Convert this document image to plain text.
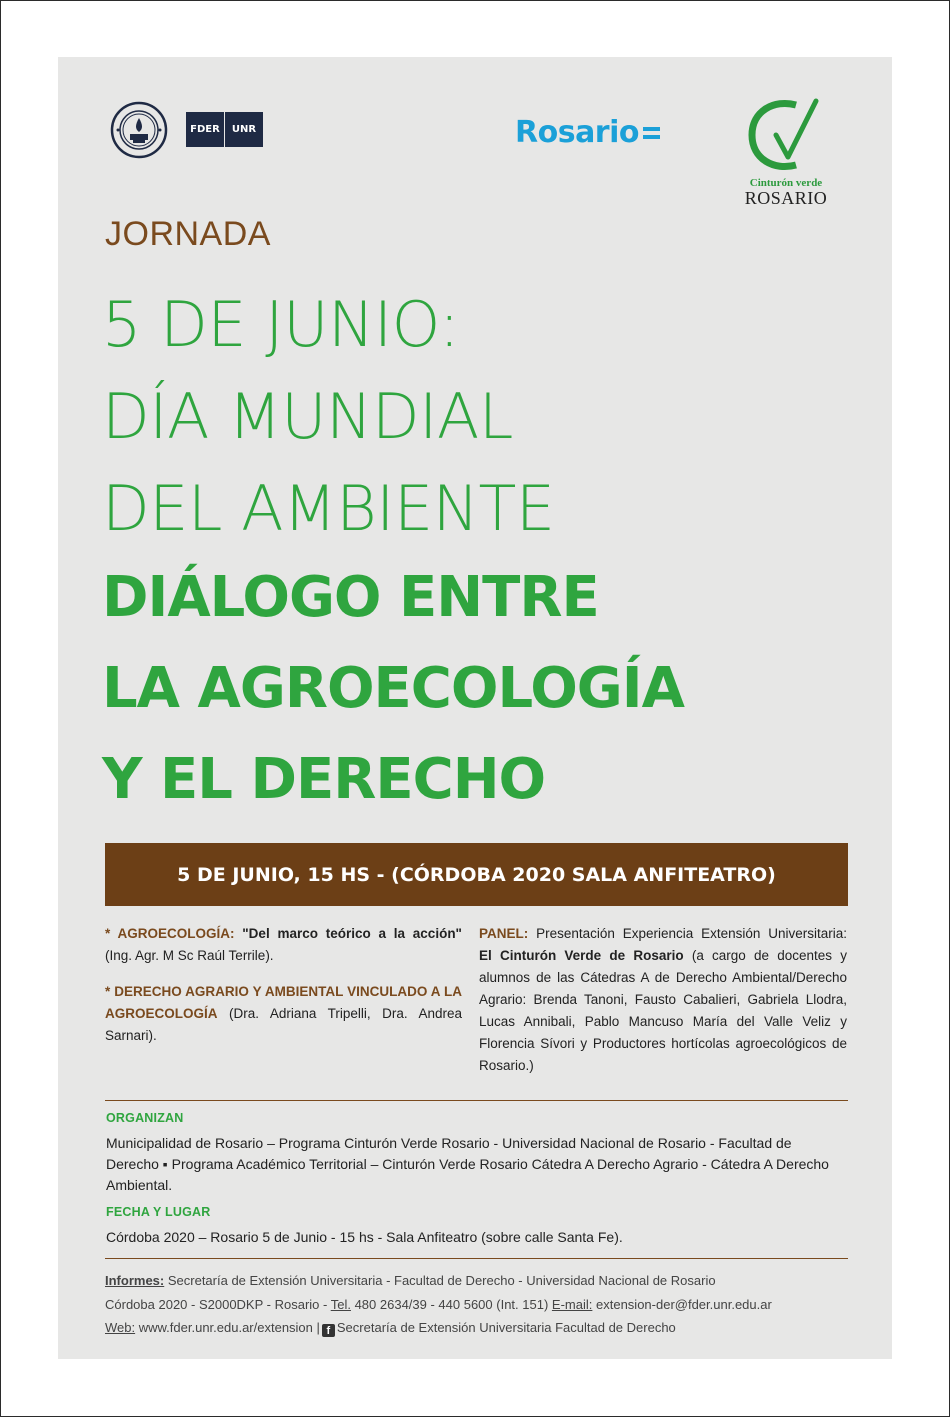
FDER	UNR	Rosario
Cinturón verde
ROSARIO
JORNADA
5 DE JUNIO:
DÍA MUNDIAL
DEL AMBIENTE
DIÁLOGO ENTRE
LA AGROECOLOGÍA
Y EL DERECHO
5 DE JUNIO, 15 HS - (CÓRDOBA 2020 SALA ANFITEATRO)

* AGROECOLOGÍA: "Del marco teórico a la acción" (Ing. Agr. M Sc Raúl Terrile).

* DERECHO AGRARIO Y AMBIENTAL VINCULADO A LA AGROECOLOGÍA (Dra. Adriana Tripelli, Dra. Andrea Sarnari).

PANEL: Presentación Experiencia Extensión Universitaria: El Cinturón Verde de Rosario (a cargo de docentes y alumnos de las Cátedras A de Derecho Ambiental/Derecho Agrario: Brenda Tanoni, Fausto Cabalieri, Gabriela Llodra, Lucas Annibali, Pablo Mancuso María del Valle Veliz y Florencia Sívori y Productores hortícolas agroecológicos de Rosario.)
ORGANIZAN
Municipalidad de Rosario – Programa Cinturón Verde Rosario - Universidad Nacional de Rosario - Facultad de Derecho ▪ Programa Académico Territorial – Cinturón Verde Rosario Cátedra A Derecho Agrario - Cátedra A Derecho Ambiental.
FECHA Y LUGAR
Córdoba 2020 – Rosario 5 de Junio - 15 hs - Sala Anfiteatro (sobre calle Santa Fe).
Informes: Secretaría de Extensión Universitaria - Facultad de Derecho - Universidad Nacional de Rosario
Córdoba 2020 - S2000DKP - Rosario - Tel. 480 2634/39 - 440 5600 (Int. 151) E-mail: extension-der@fder.unr.edu.ar
Web: www.fder.unr.edu.ar/extension | f Secretaría de Extensión Universitaria Facultad de Derecho
